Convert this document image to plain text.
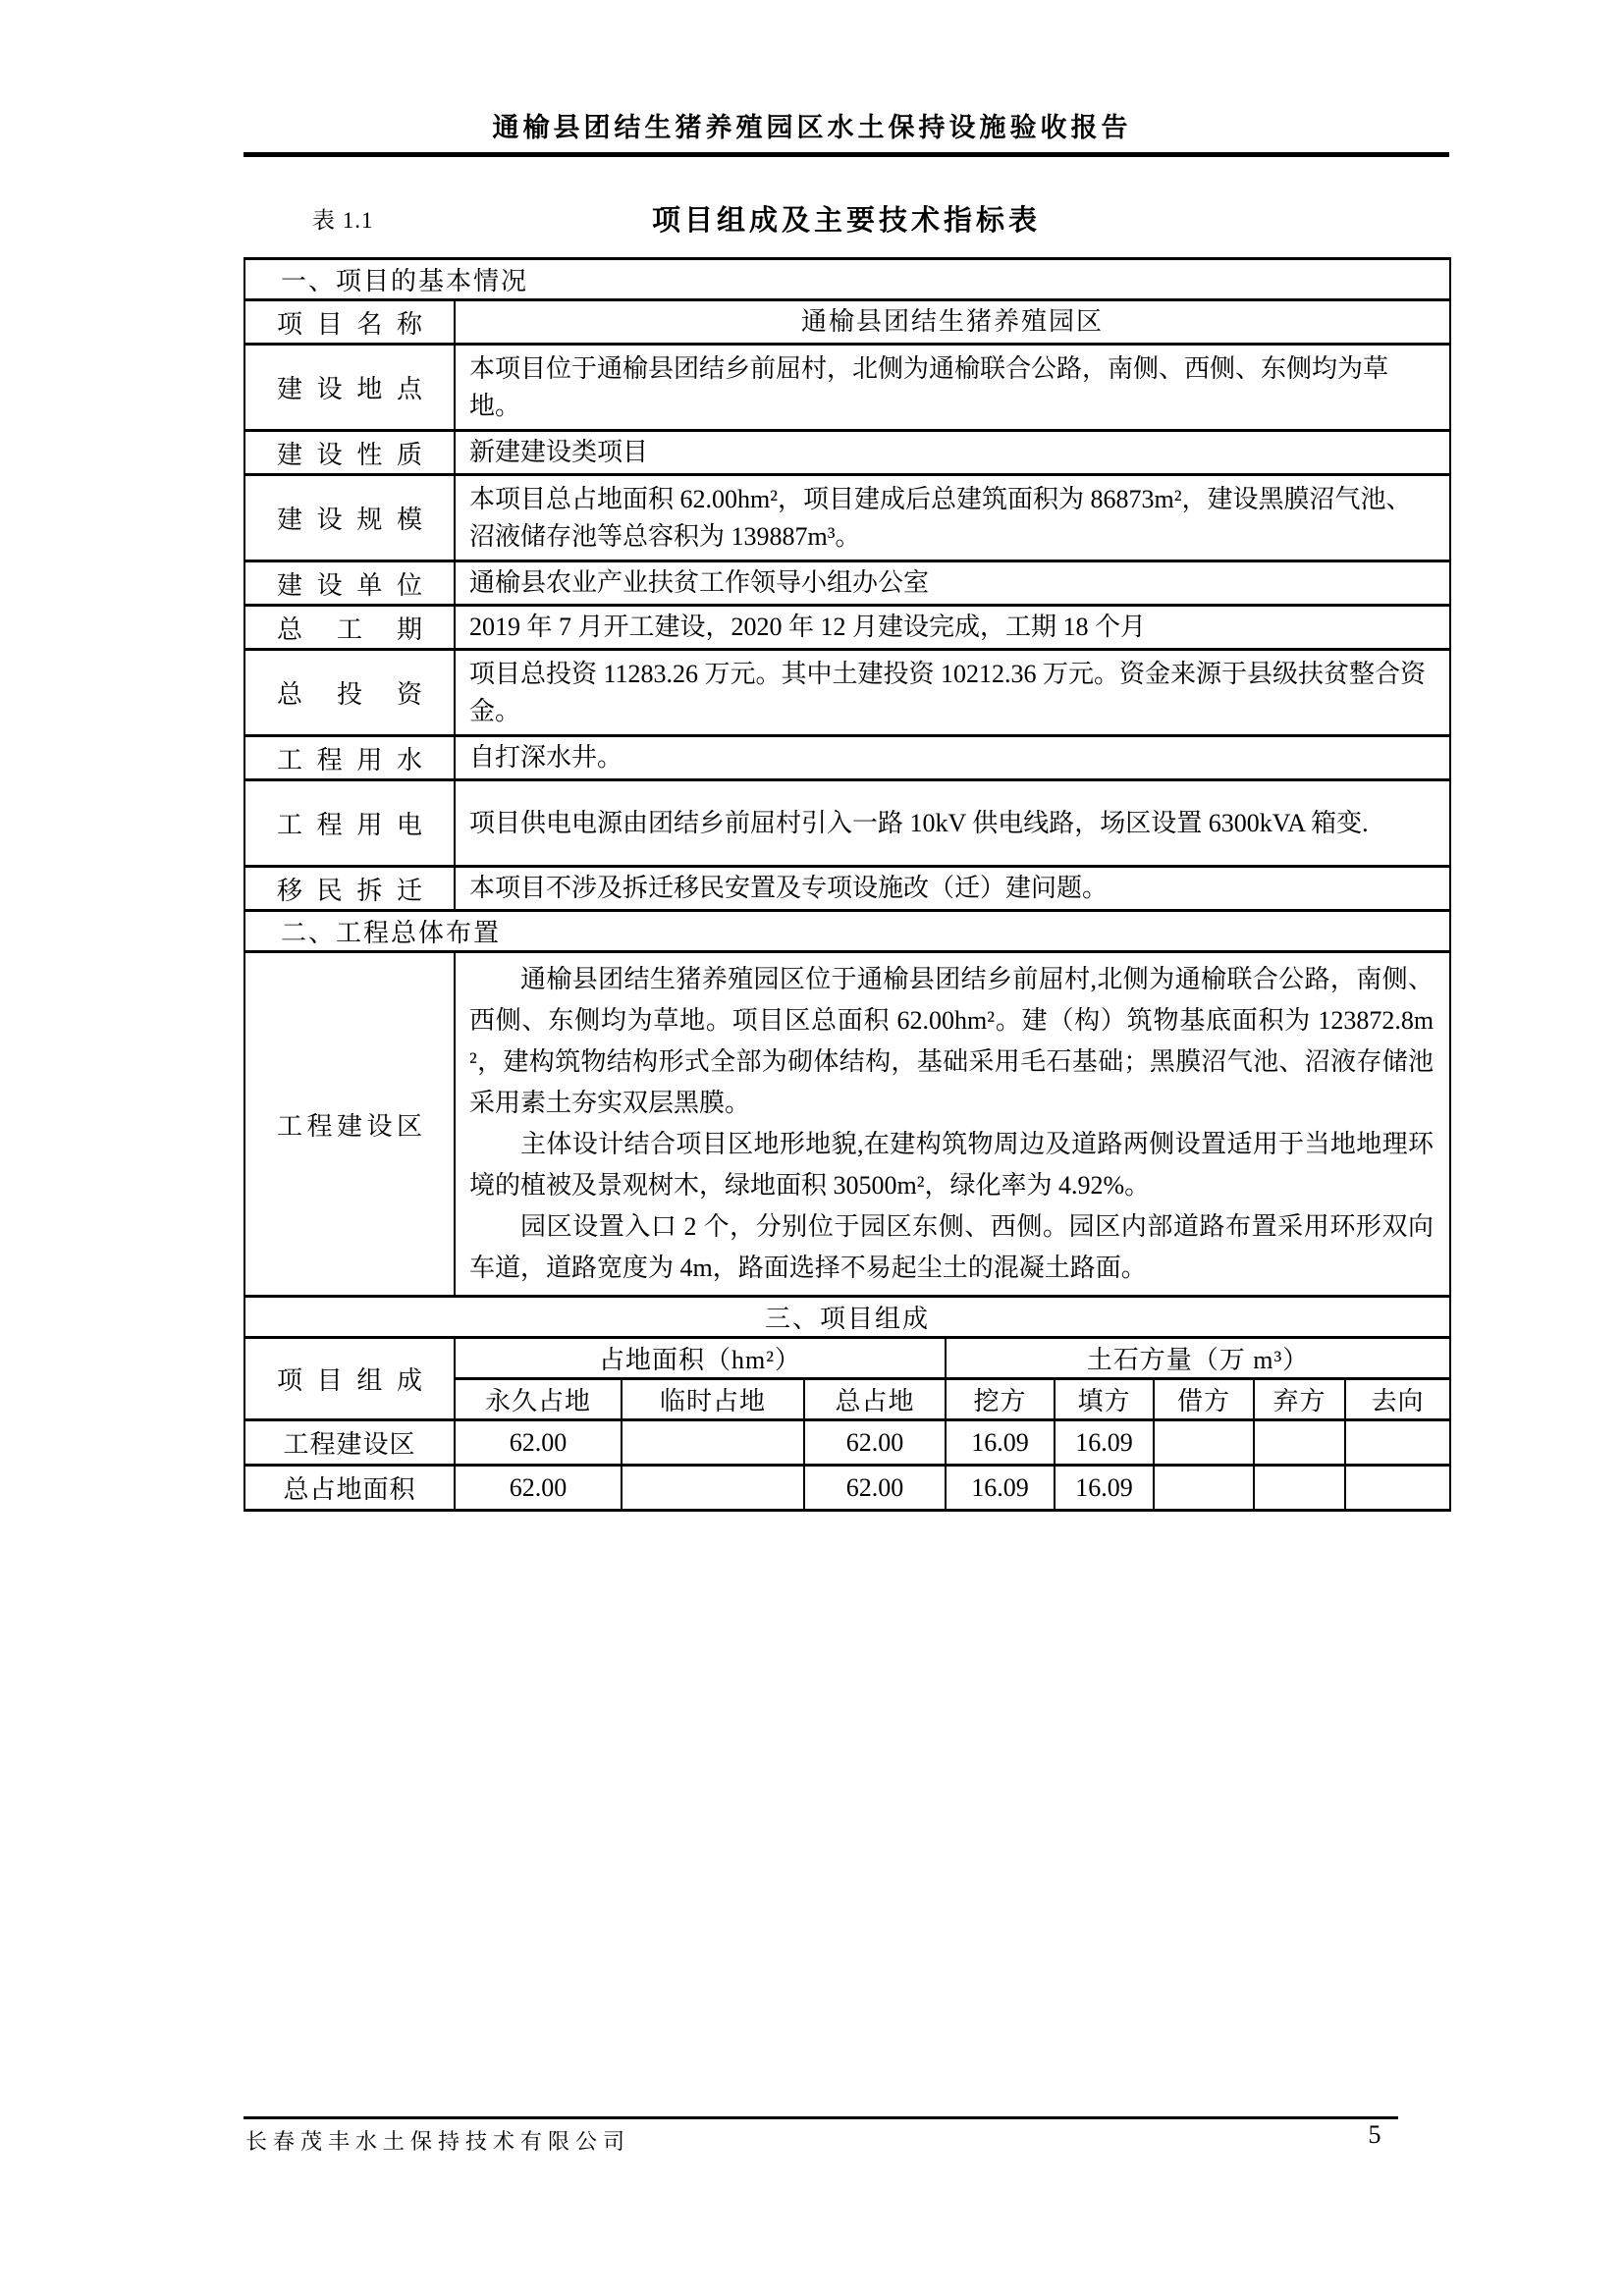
通榆县团结生猪养殖园区水土保持设施验收报告
表 1.1	项目组成及主要技术指标表
一、项目的基本情况								
项目名称	通榆县团结生猪养殖园区							
建设地点	本项目位于通榆县团结乡前屈村，北侧为通榆联合公路，南侧、西侧、东侧均为草地。							
建设性质	新建建设类项目							
建设规模	本项目总占地面积 62.00hm²，项目建成后总建筑面积为 86873m²，建设黑膜沼气池、沼液储存池等总容积为 139887m³。							
建设单位	通榆县农业产业扶贫工作领导小组办公室							
总工期	2019 年 7 月开工建设，2020 年 12 月建设完成，工期 18 个月							
总投资	项目总投资 11283.26 万元。其中土建投资 10212.36 万元。资金来源于县级扶贫整合资金。							
工程用水	自打深水井。							
工程用电	项目供电电源由团结乡前屈村引入一路 10kV 供电线路，场区设置 6300kVA 箱变.							
移民拆迁	本项目不涉及拆迁移民安置及专项设施改（迁）建问题。							
二、工程总体布置								
工程建设区	通榆县团结生猪养殖园区位于通榆县团结乡前屈村,北侧为通榆联合公路，南侧、西侧、东侧均为草地。项目区总面积 62.00hm²。建（构）筑物基底面积为 123872.8m²，建构筑物结构形式全部为砌体结构，基础采用毛石基础；黑膜沼气池、沼液存储池采用素土夯实双层黑膜。

主体设计结合项目区地形地貌,在建构筑物周边及道路两侧设置适用于当地地理环境的植被及景观树木，绿地面积 30500m²，绿化率为 4.92%。

园区设置入口 2 个，分别位于园区东侧、西侧。园区内部道路布置采用环形双向车道，道路宽度为 4m，路面选择不易起尘土的混凝土路面。							

三、项目组成								
项目组成	占地面积（hm²）			土石方量（万 m³）				
	永久占地	临时占地	总占地	挖方	填方	借方	弃方	去向
工程建设区	62.00		62.00	16.09	16.09			
总占地面积	62.00		62.00	16.09	16.09			
长春茂丰水土保持技术有限公司	5
